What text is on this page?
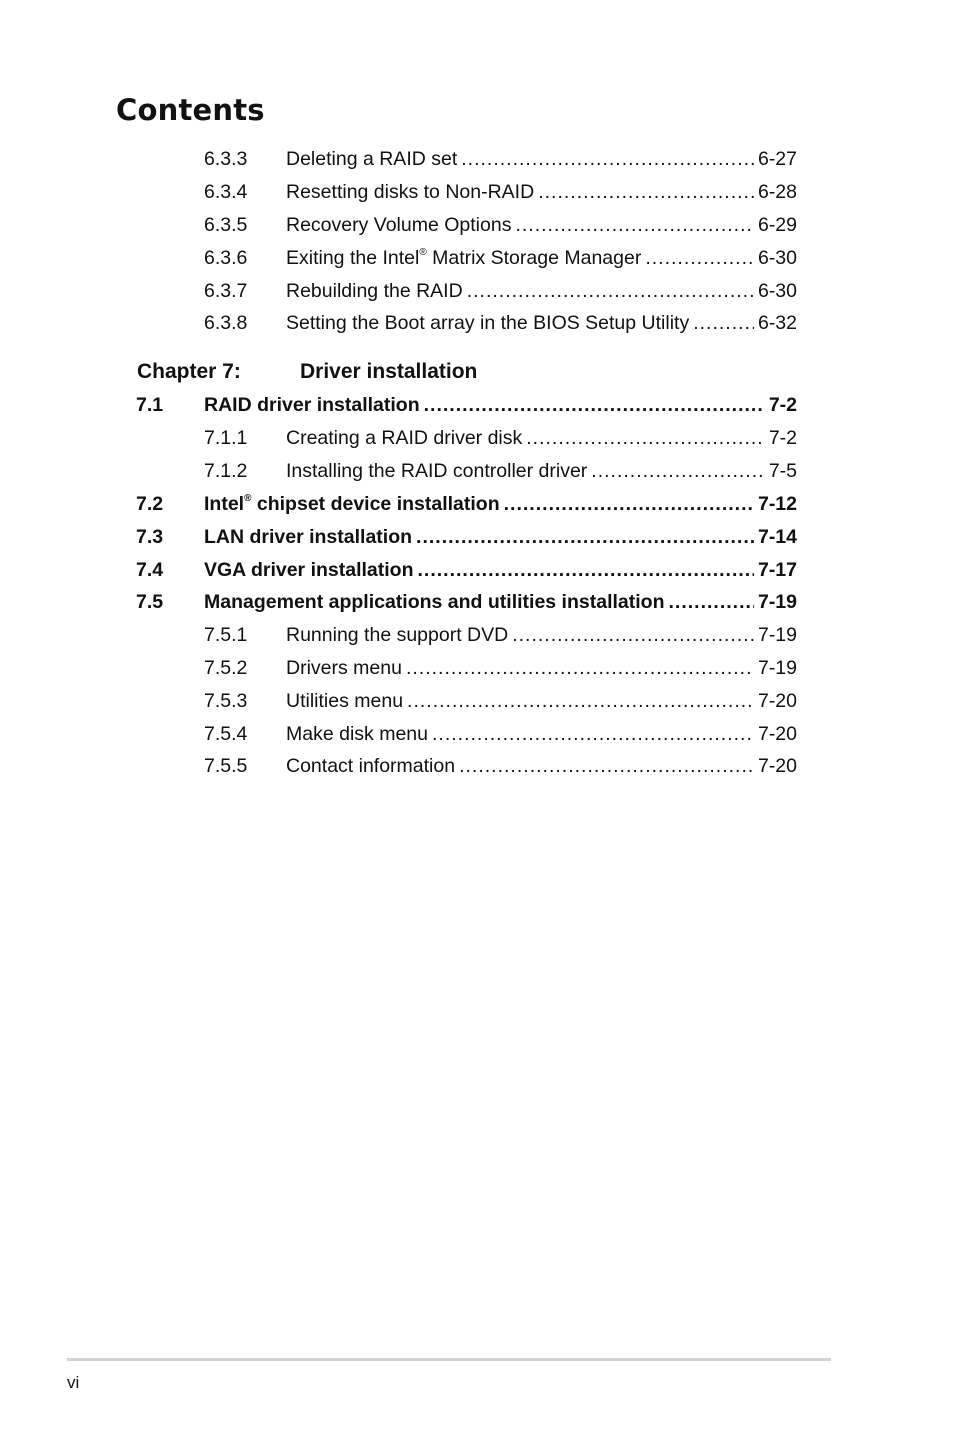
Contents
6.3.3 Deleting a RAID set .....	6-27
6.3.4 Resetting disks to Non-RAID .....	6-28
6.3.5 Recovery Volume Options .....	6-29
6.3.6 Exiting the Intel® Matrix Storage Manager .....	6-30
6.3.7 Rebuilding the RAID .....	6-30
6.3.8 Setting the Boot array in the BIOS Setup Utility .....	6-32
Chapter 7:	Driver installation
7.1 RAID driver installation .....	7-2
7.1.1 Creating a RAID driver disk .....	7-2
7.1.2 Installing the RAID controller driver .....	7-5
7.2 Intel® chipset device installation .....	7-12
7.3 LAN driver installation .....	7-14
7.4 VGA driver installation .....	7-17
7.5 Management applications and utilities installation .....	7-19
7.5.1 Running the support DVD .....	7-19
7.5.2 Drivers menu .....	7-19
7.5.3 Utilities menu .....	7-20
7.5.4 Make disk menu .....	7-20
7.5.5 Contact information .....	7-20
vi
